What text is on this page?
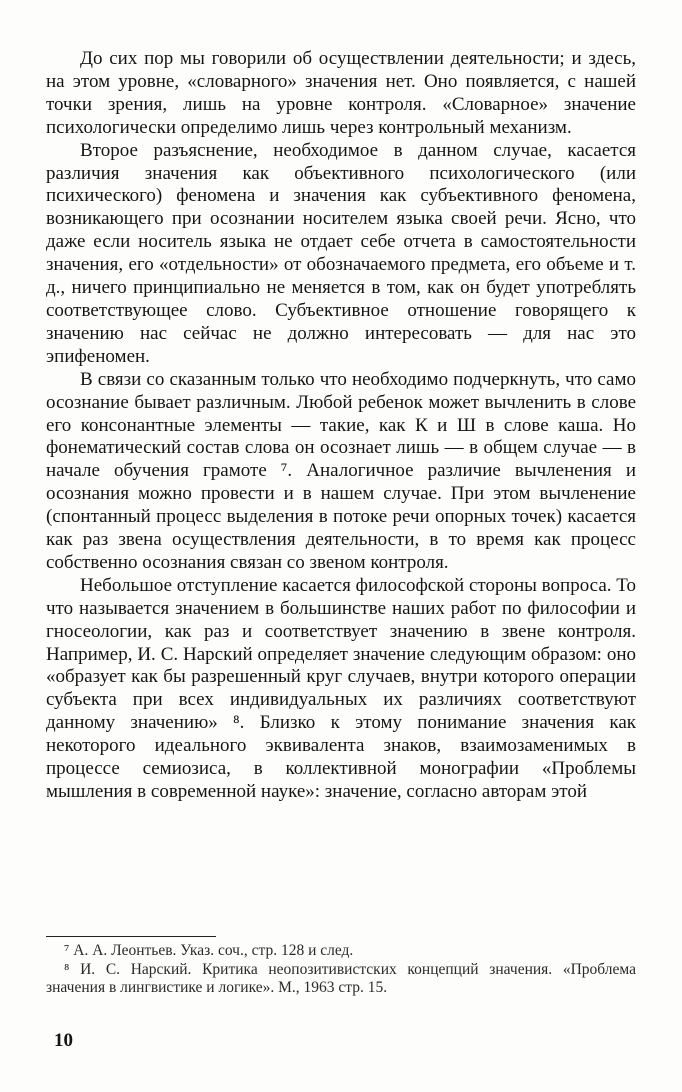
До сих пор мы говорили об осуществлении деятельности; и здесь, на этом уровне, «словарного» значения нет. Оно появляется, с нашей точки зрения, лишь на уровне контроля. «Словарное» значение психологически определимо лишь через контрольный механизм.

Второе разъяснение, необходимое в данном случае, касается различия значения как объективного психологического (или психического) феномена и значения как субъективного феномена, возникающего при осознании носителем языка своей речи. Ясно, что даже если носитель языка не отдает себе отчета в самостоятельности значения, его «отдельности» от обозначаемого предмета, его объеме и т. д., ничего принципиально не меняется в том, как он будет употреблять соответствующее слово. Субъективное отношение говорящего к значению нас сейчас не должно интересовать — для нас это эпифеномен.

В связи со сказанным только что необходимо подчеркнуть, что само осознание бывает различным. Любой ребенок может вычленить в слове его консонантные элементы — такие, как К и Ш в слове каша. Но фонематический состав слова он осознает лишь — в общем случае — в начале обучения грамоте ⁷. Аналогичное различие вычленения и осознания можно провести и в нашем случае. При этом вычленение (спонтанный процесс выделения в потоке речи опорных точек) касается как раз звена осуществления деятельности, в то время как процесс собственно осознания связан со звеном контроля.

Небольшое отступление касается философской стороны вопроса. То что называется значением в большинстве наших работ по философии и гносеологии, как раз и соответствует значению в звене контроля. Например, И. С. Нарский определяет значение следующим образом: оно «образует как бы разрешенный круг случаев, внутри которого операции субъекта при всех индивидуальных их различиях соответствуют данному значению» ⁸. Близко к этому понимание значения как некоторого идеального эквивалента знаков, взаимозаменимых в процессе семиозиса, в коллективной монографии «Проблемы мышления в современной науке»: значение, согласно авторам этой

⁷ А. А. Леонтьев. Указ. соч., стр. 128 и след.

⁸ И. С. Нарский. Критика неопозитивистских концепций значения. «Проблема значения в лингвистике и логике». М., 1963 стр. 15.

10
